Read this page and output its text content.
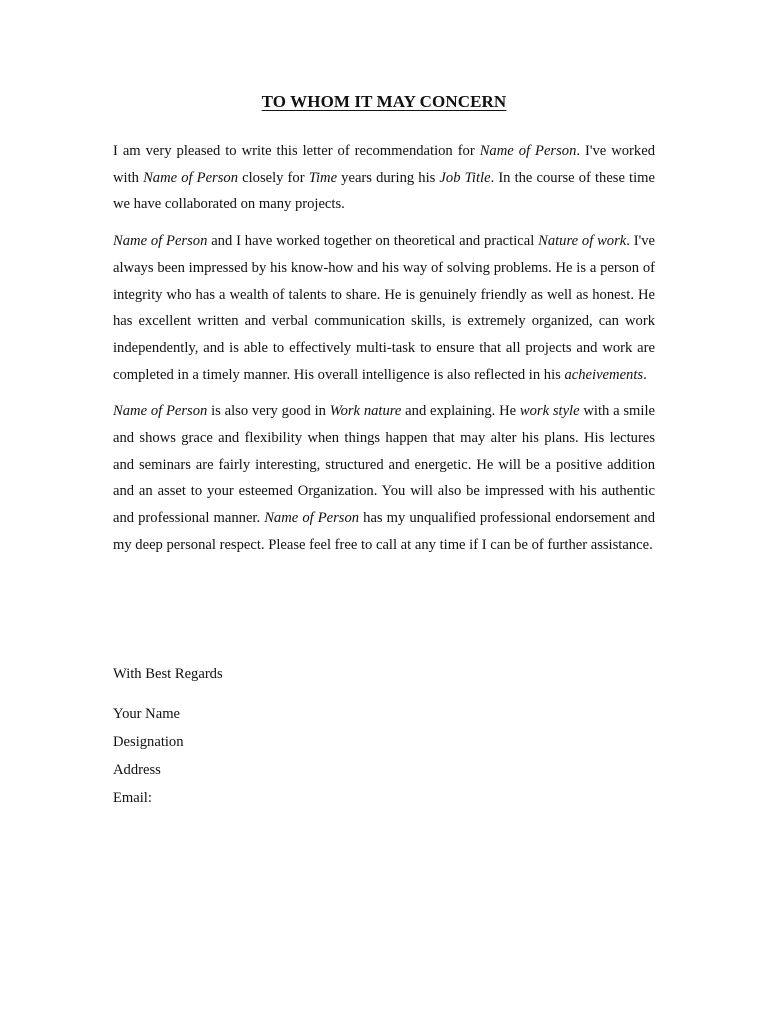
TO WHOM IT MAY CONCERN

I am very pleased to write this letter of recommendation for Name of Person. I've worked with Name of Person closely for Time years during his Job Title. In the course of these time we have collaborated on many projects.

Name of Person and I have worked together on theoretical and practical Nature of work. I've always been impressed by his know-how and his way of solving problems. He is a person of integrity who has a wealth of talents to share. He is genuinely friendly as well as honest. He has excellent written and verbal communication skills, is extremely organized, can work independently, and is able to effectively multi-task to ensure that all projects and work are completed in a timely manner. His overall intelligence is also reflected in his acheivements.

Name of Person is also very good in Work nature and explaining. He work style with a smile and shows grace and flexibility when things happen that may alter his plans. His lectures and seminars are fairly interesting, structured and energetic. He will be a positive addition and an asset to your esteemed Organization. You will also be impressed with his authentic and professional manner. Name of Person has my unqualified professional endorsement and my deep personal respect. Please feel free to call at any time if I can be of further assistance.

With Best Regards

Your Name
Designation
Address
Email:
